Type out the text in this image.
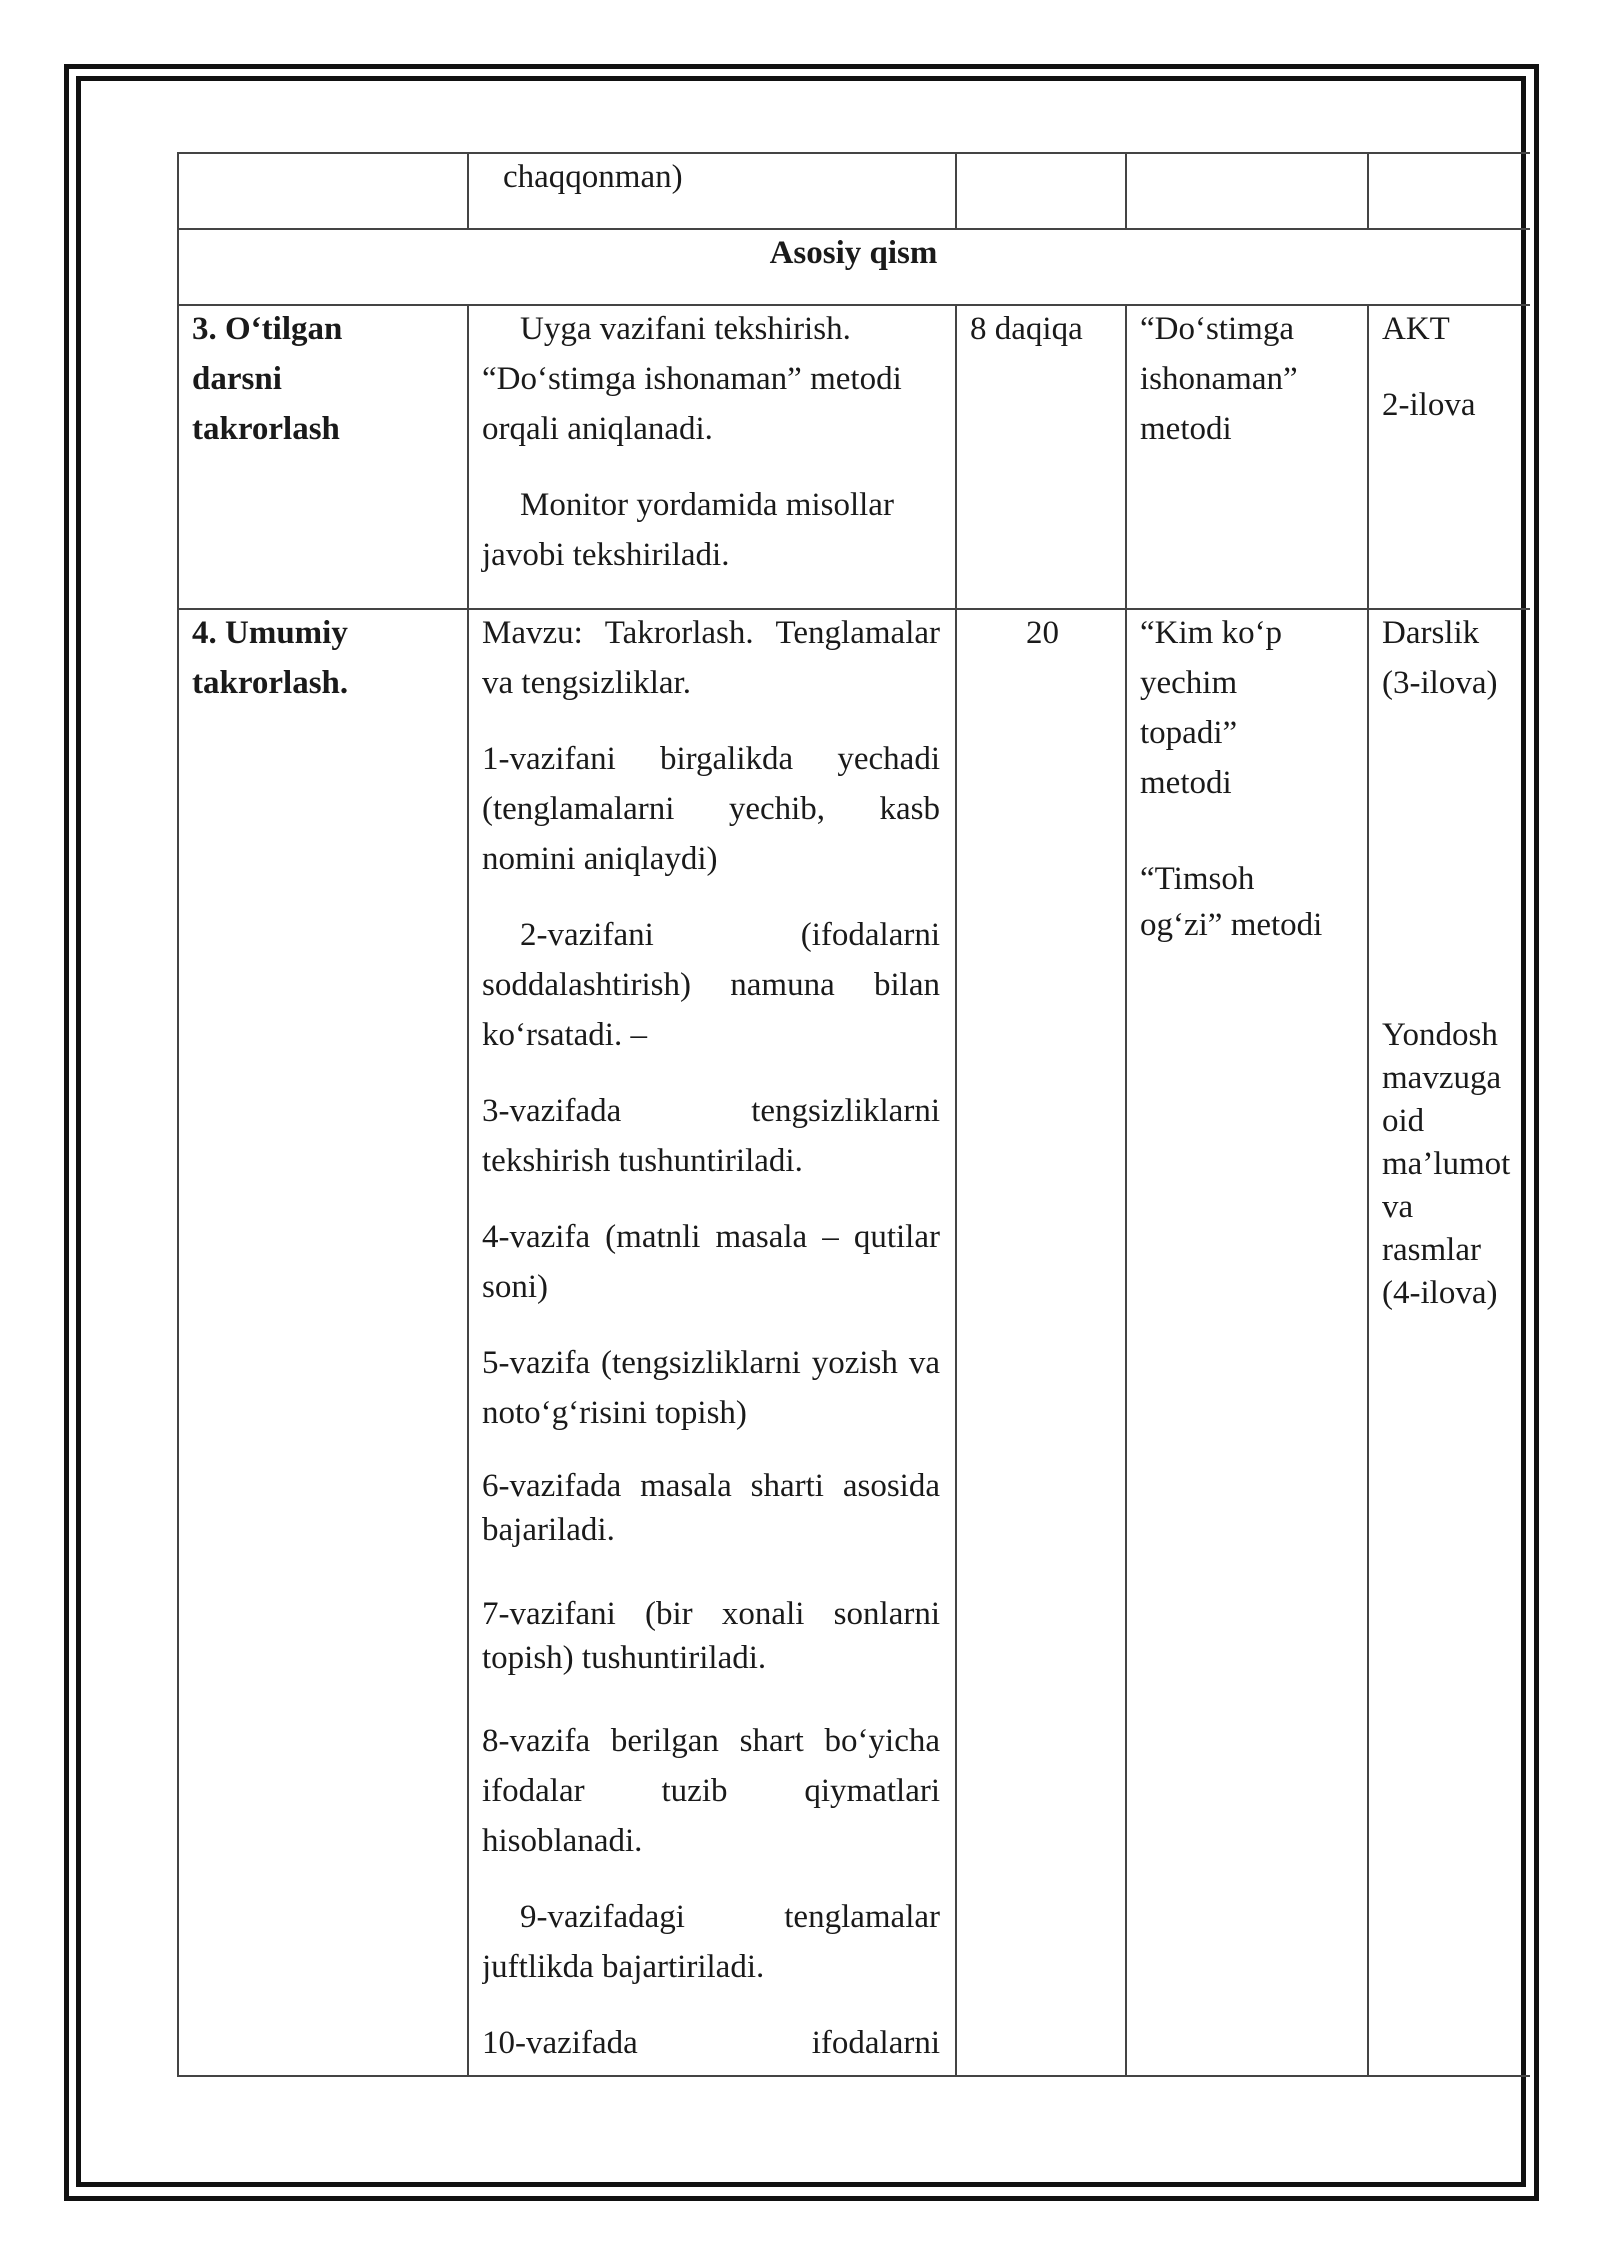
chaqqonman)
Asosiy qism
3. O‘tilgan
darsni
takrorlash

Uyga vazifani tekshirish. “Do‘stimga ishonaman” metodi orqali aniqlanadi.

Monitor yordamida misollar javobi tekshiriladi.

8 daqiqa	“Do‘stimga
ishonaman”
metodi
AKT
2-ilova
4. Umumiy
takrorlash.

Mavzu: Takrorlash. Tenglamalar va tengsizliklar.

1-vazifani birgalikda yechadi (tenglamalarni yechib, kasb nomini aniqlaydi)

2-vazifani (ifodalarni soddalashtirish) namuna bilan ko‘rsatadi. –

3-vazifada tengsizliklarni tekshirish tushuntiriladi.

4-vazifa (matnli masala – qutilar soni)

5-vazifa (tengsizliklarni yozish va noto‘g‘risini topish)

6-vazifada masala sharti asosida bajariladi.

7-vazifani (bir xonali sonlarni topish) tushuntiriladi.

8-vazifa berilgan shart bo‘yicha ifodalar tuzib qiymatlari hisoblanadi.

9-vazifadagi tenglamalar juftlikda bajartiriladi.

10-vazifada ifodalarni

20	“Kim ko‘p
yechim
topadi”
metodi
“Timsoh
og‘zi” metodi
Darslik
(3-ilova)
Yondosh
mavzuga
oid
ma’lumot
va
rasmlar
(4-ilova)
